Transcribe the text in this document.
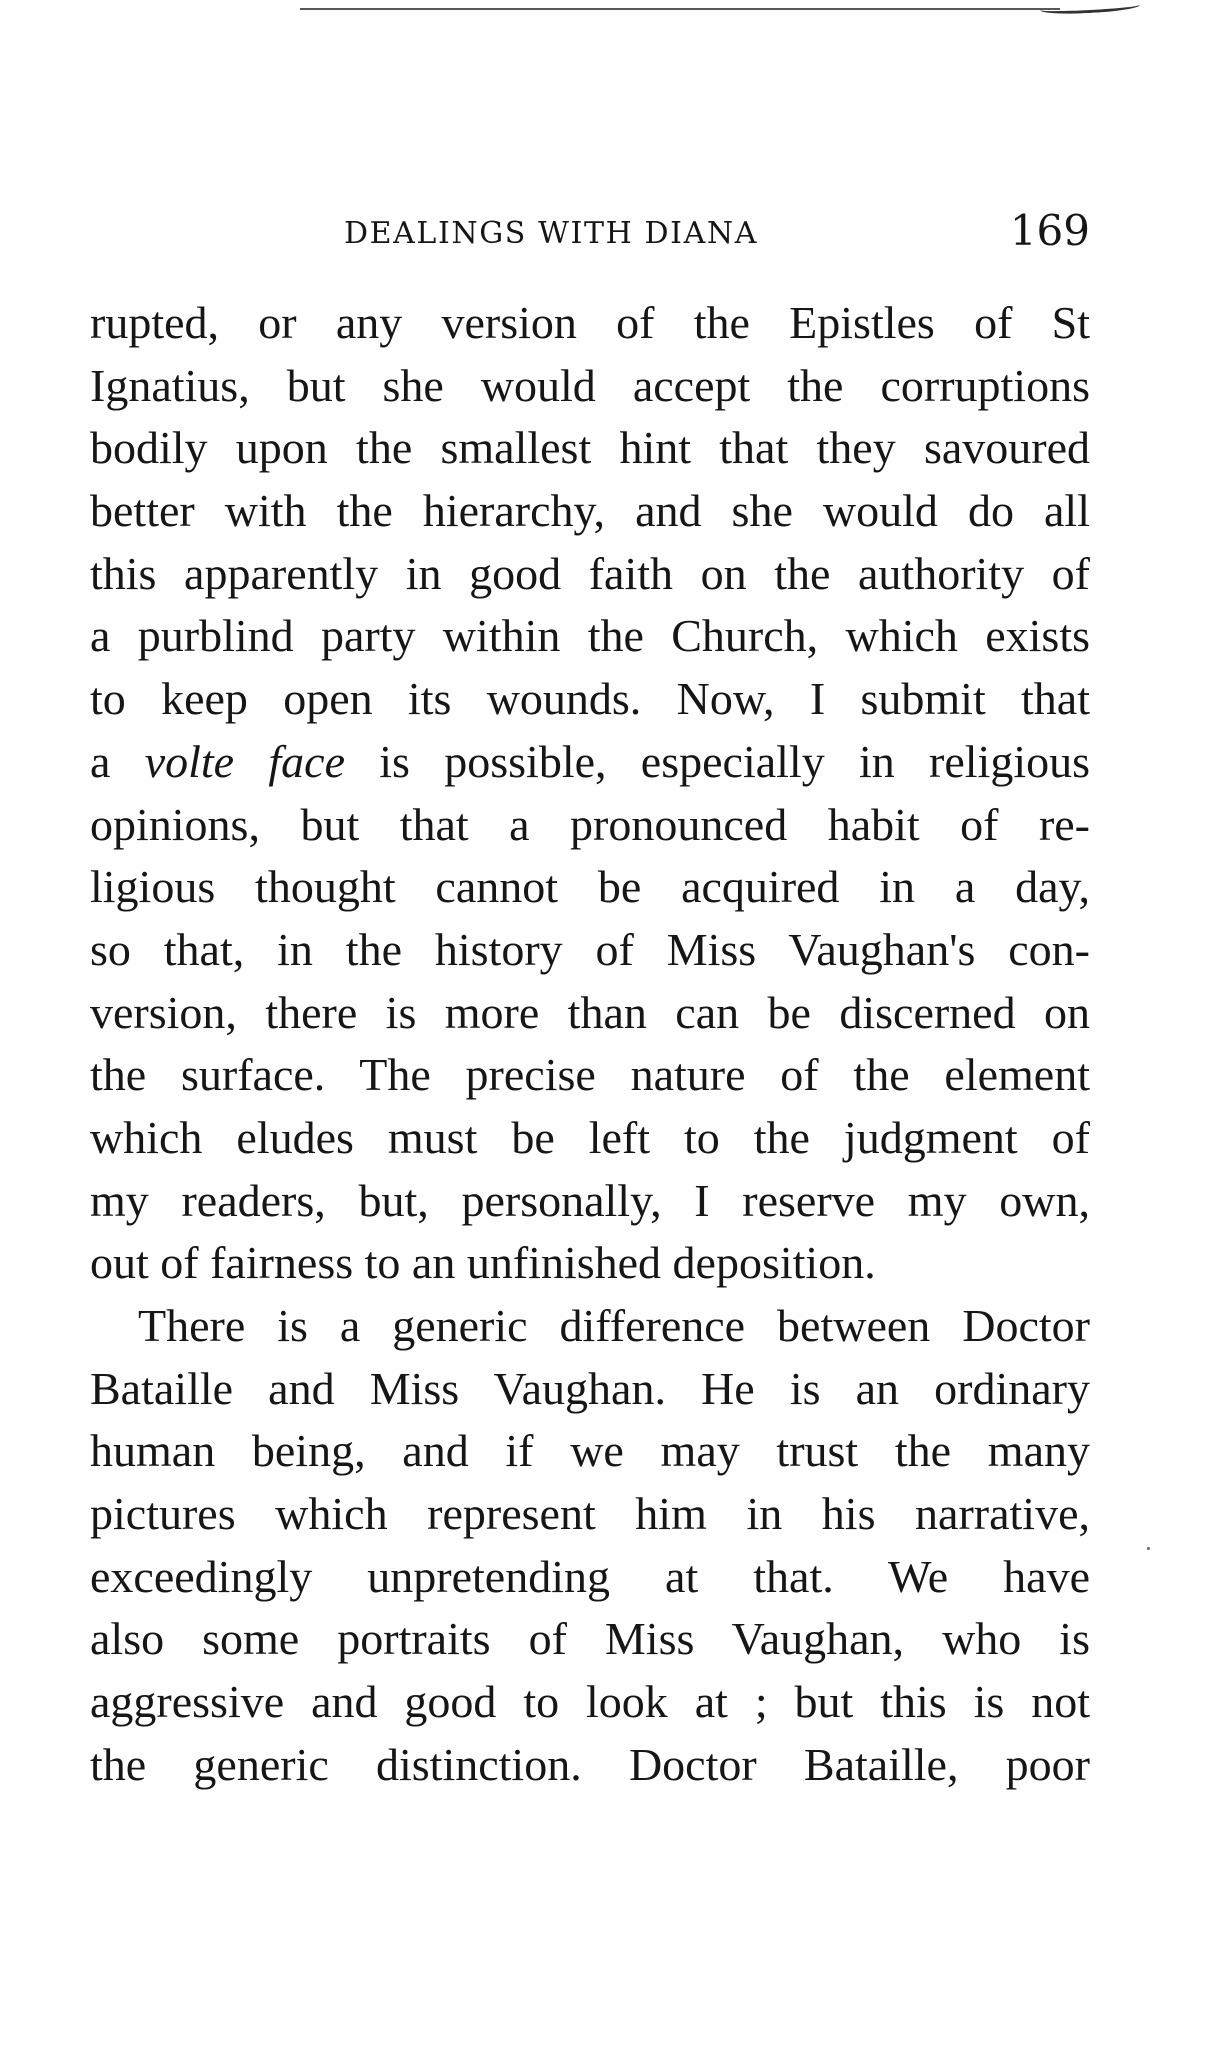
DEALINGS WITH DIANA	169
rupted, or any version of the Epistles of St
Ignatius, but she would accept the corruptions
bodily upon the smallest hint that they savoured
better with the hierarchy, and she would do all
this apparently in good faith on the authority of
a purblind party within the Church, which exists
to keep open its wounds. Now, I submit that
a volte face is possible, especially in religious
opinions, but that a pronounced habit of re-
ligious thought cannot be acquired in a day,
so that, in the history of Miss Vaughan's con-
version, there is more than can be discerned on
the surface. The precise nature of the element
which eludes must be left to the judgment of
my readers, but, personally, I reserve my own,
out of fairness to an unfinished deposition.
There is a generic difference between Doctor
Bataille and Miss Vaughan. He is an ordinary
human being, and if we may trust the many
pictures which represent him in his narrative,
exceedingly unpretending at that. We have
also some portraits of Miss Vaughan, who is
aggressive and good to look at ; but this is not
the generic distinction. Doctor Bataille, poor
